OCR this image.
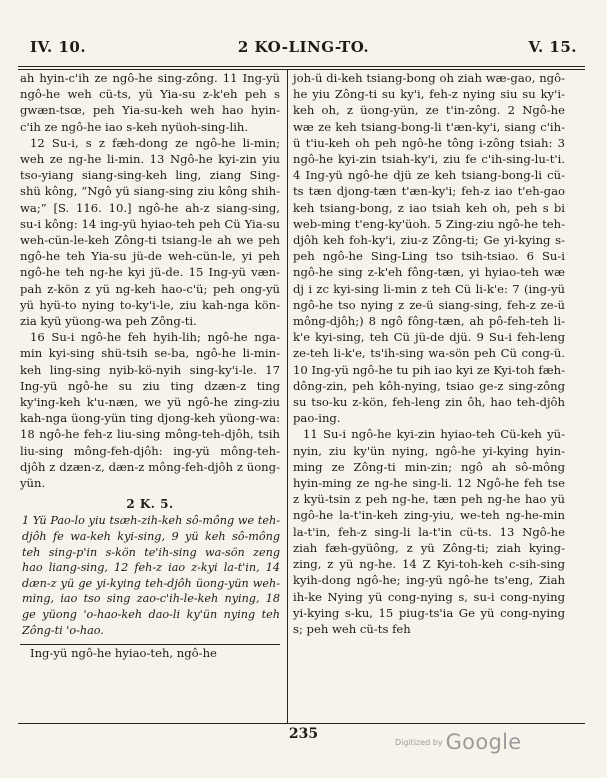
IV. 10.	2 KO-LING-TO.	V. 15.

ah hyin-c'ih ze ngô-he sing-zông. 11 Ing-yü ngô-he weh cü-ts, yü Yia-su z-k'eh peh s gwæn-tsœ, peh Yia-su-keh weh hao hyin-c'ih ze ngô-he iao s-keh nyüoh-sing-lih.

12 Su-i, s z fæh-dong ze ngô-he li-min; weh ze ng-he li-min. 13 Ngô-he kyi-zin yiu tso-yiang siang-sing-keh ling, ziang Sing-shü kông, “Ngô yü siang-sing ziu kông shih-wa;” [S. 116. 10.] ngô-he ah-z siang-sing, su-i kông: 14 ing-yü hyiao-teh peh Cü Yia-su weh-cün-le-keh Zông-ti tsiang-le ah we peh ngô-he teh Yia-su jü-de weh-cün-le, yi peh ngô-he teh ng-he kyi jü-de. 15 Ing-yü væn-pah z-kön z yü ng-keh hao-c'ü; peh ong-yü yü hyü-to nying to-ky'i-le, ziu kah-nga kön-zia kyü yüong-wa peh Zông-ti.

16 Su-i ngô-he feh hyih-lih; ngô-he nga-min kyi-sing shü-tsih se-ba, ngô-he li-min-keh ling-sing nyib-kö-nyih sing-ky'i-le. 17 Ing-yü ngô-he su ziu ting dzæn-z ting ky'ing-keh k'u-næn, we yü ngô-he zing-ziu kah-nga üong-yün ting djong-keh yüong-wa: 18 ngô-he feh-z liu-sing mông-teh-djôh, tsih liu-sing mông-feh-djôh: ing-yü mông-teh-djôh z dzæn-z, dæn-z mông-feh-djôh z üong-yün.

2 K. 5.

1 Yü Pao-lo yiu tsæh-zih-keh sô-mông we teh-djôh fe wa-keh kyi-sing, 9 yü keh sô-mông teh sing-p'in s-kön te'ih-sing wa-sön zeng hao liang-sing, 12 feh-z iao z-kyi la-t'in, 14 dæn-z yü ge yi-kying teh-djôh üong-yün weh-ming, iao tso sing zao-c'ih-le-keh nying, 18 ge yüong 'o-hao-keh dao-li ky'ün nying teh Zông-ti 'o-hao.

Ing-yü ngô-he hyiao-teh, ngô-he

joh-ü di-keh tsiang-bong oh ziah wæ-gao, ngô-he yiu Zông-ti su ky'i, feh-z nying siu su ky'i-keh oh, z üong-yün, ze t'in-zông. 2 Ngô-he wæ ze keh tsiang-bong-li t'æn-ky'i, siang c'ih-ü t'iu-keh oh peh ngô-he tông i-zông tsiah: 3 ngô-he kyi-zin tsiah-ky'i, ziu fe c'ih-sing-lu-t'i. 4 Ing-yü ngô-he djü ze keh tsiang-bong-li cü-ts tæn djong-tæn t'æn-ky'i; feh-z iao t'eh-gao keh tsiang-bong, z iao tsiah keh oh, peh s bi web-ming t'eng-ky'üoh. 5 Zing-ziu ngô-he teh-djôh keh foh-ky'i, ziu-z Zông-ti; Ge yi-kying s-peh ngô-he Sing-Ling tso tsih-tsiao. 6 Su-i ngô-he sing z-k'eh fông-tæn, yi hyiao-teh wæ dj i zc kyi-sing li-min z teh Cü li-k'e: 7 (ing-yü ngô-he tso nying z ze-ü siang-sing, feh-z ze-ü mông-djôh;) 8 ngô fông-tæn, ah pô-feh-teh li-k'e kyi-sing, teh Cü jü-de djü. 9 Su-i feh-leng ze-teh li-k'e, ts'ih-sing wa-sön peh Cü cong-ü. 10 Ing-yü ngô-he tu pih iao kyi ze Kyi-toh fæh-dông-zin, peh kôh-nying, tsiao ge-z sing-zông su tso-ku z-kön, feh-leng zin ôh, hao teh-djôh pao-ing.

11 Su-i ngô-he kyi-zin hyiao-teh Cü-keh yü-nyin, ziu ky'ün nying, ngô-he yi-kying hyin-ming ze Zông-ti min-zin; ngô ah sô-mông hyin-ming ze ng-he sing-li. 12 Ngô-he feh tse z kyü-tsin z peh ng-he, tæn peh ng-he hao yü ngô-he la-t'in-keh zing-yiu, we-teh ng-he-min la-t'in, feh-z sing-li la-t'in cü-ts. 13 Ngô-he ziah fæh-gyüông, z yü Zông-ti; ziah kying-zing, z yü ng-he. 14 Z Kyi-toh-keh c-sih-sing kyih-dong ngô-he; ing-yü ngô-he ts'eng, Ziah ih-ke Nying yü cong-nying s, su-i cong-nying yi-kying s-ku, 15 piug-ts'ia Ge yü cong-nying s; peh weh cü-ts feh

235	Digitized by Google
